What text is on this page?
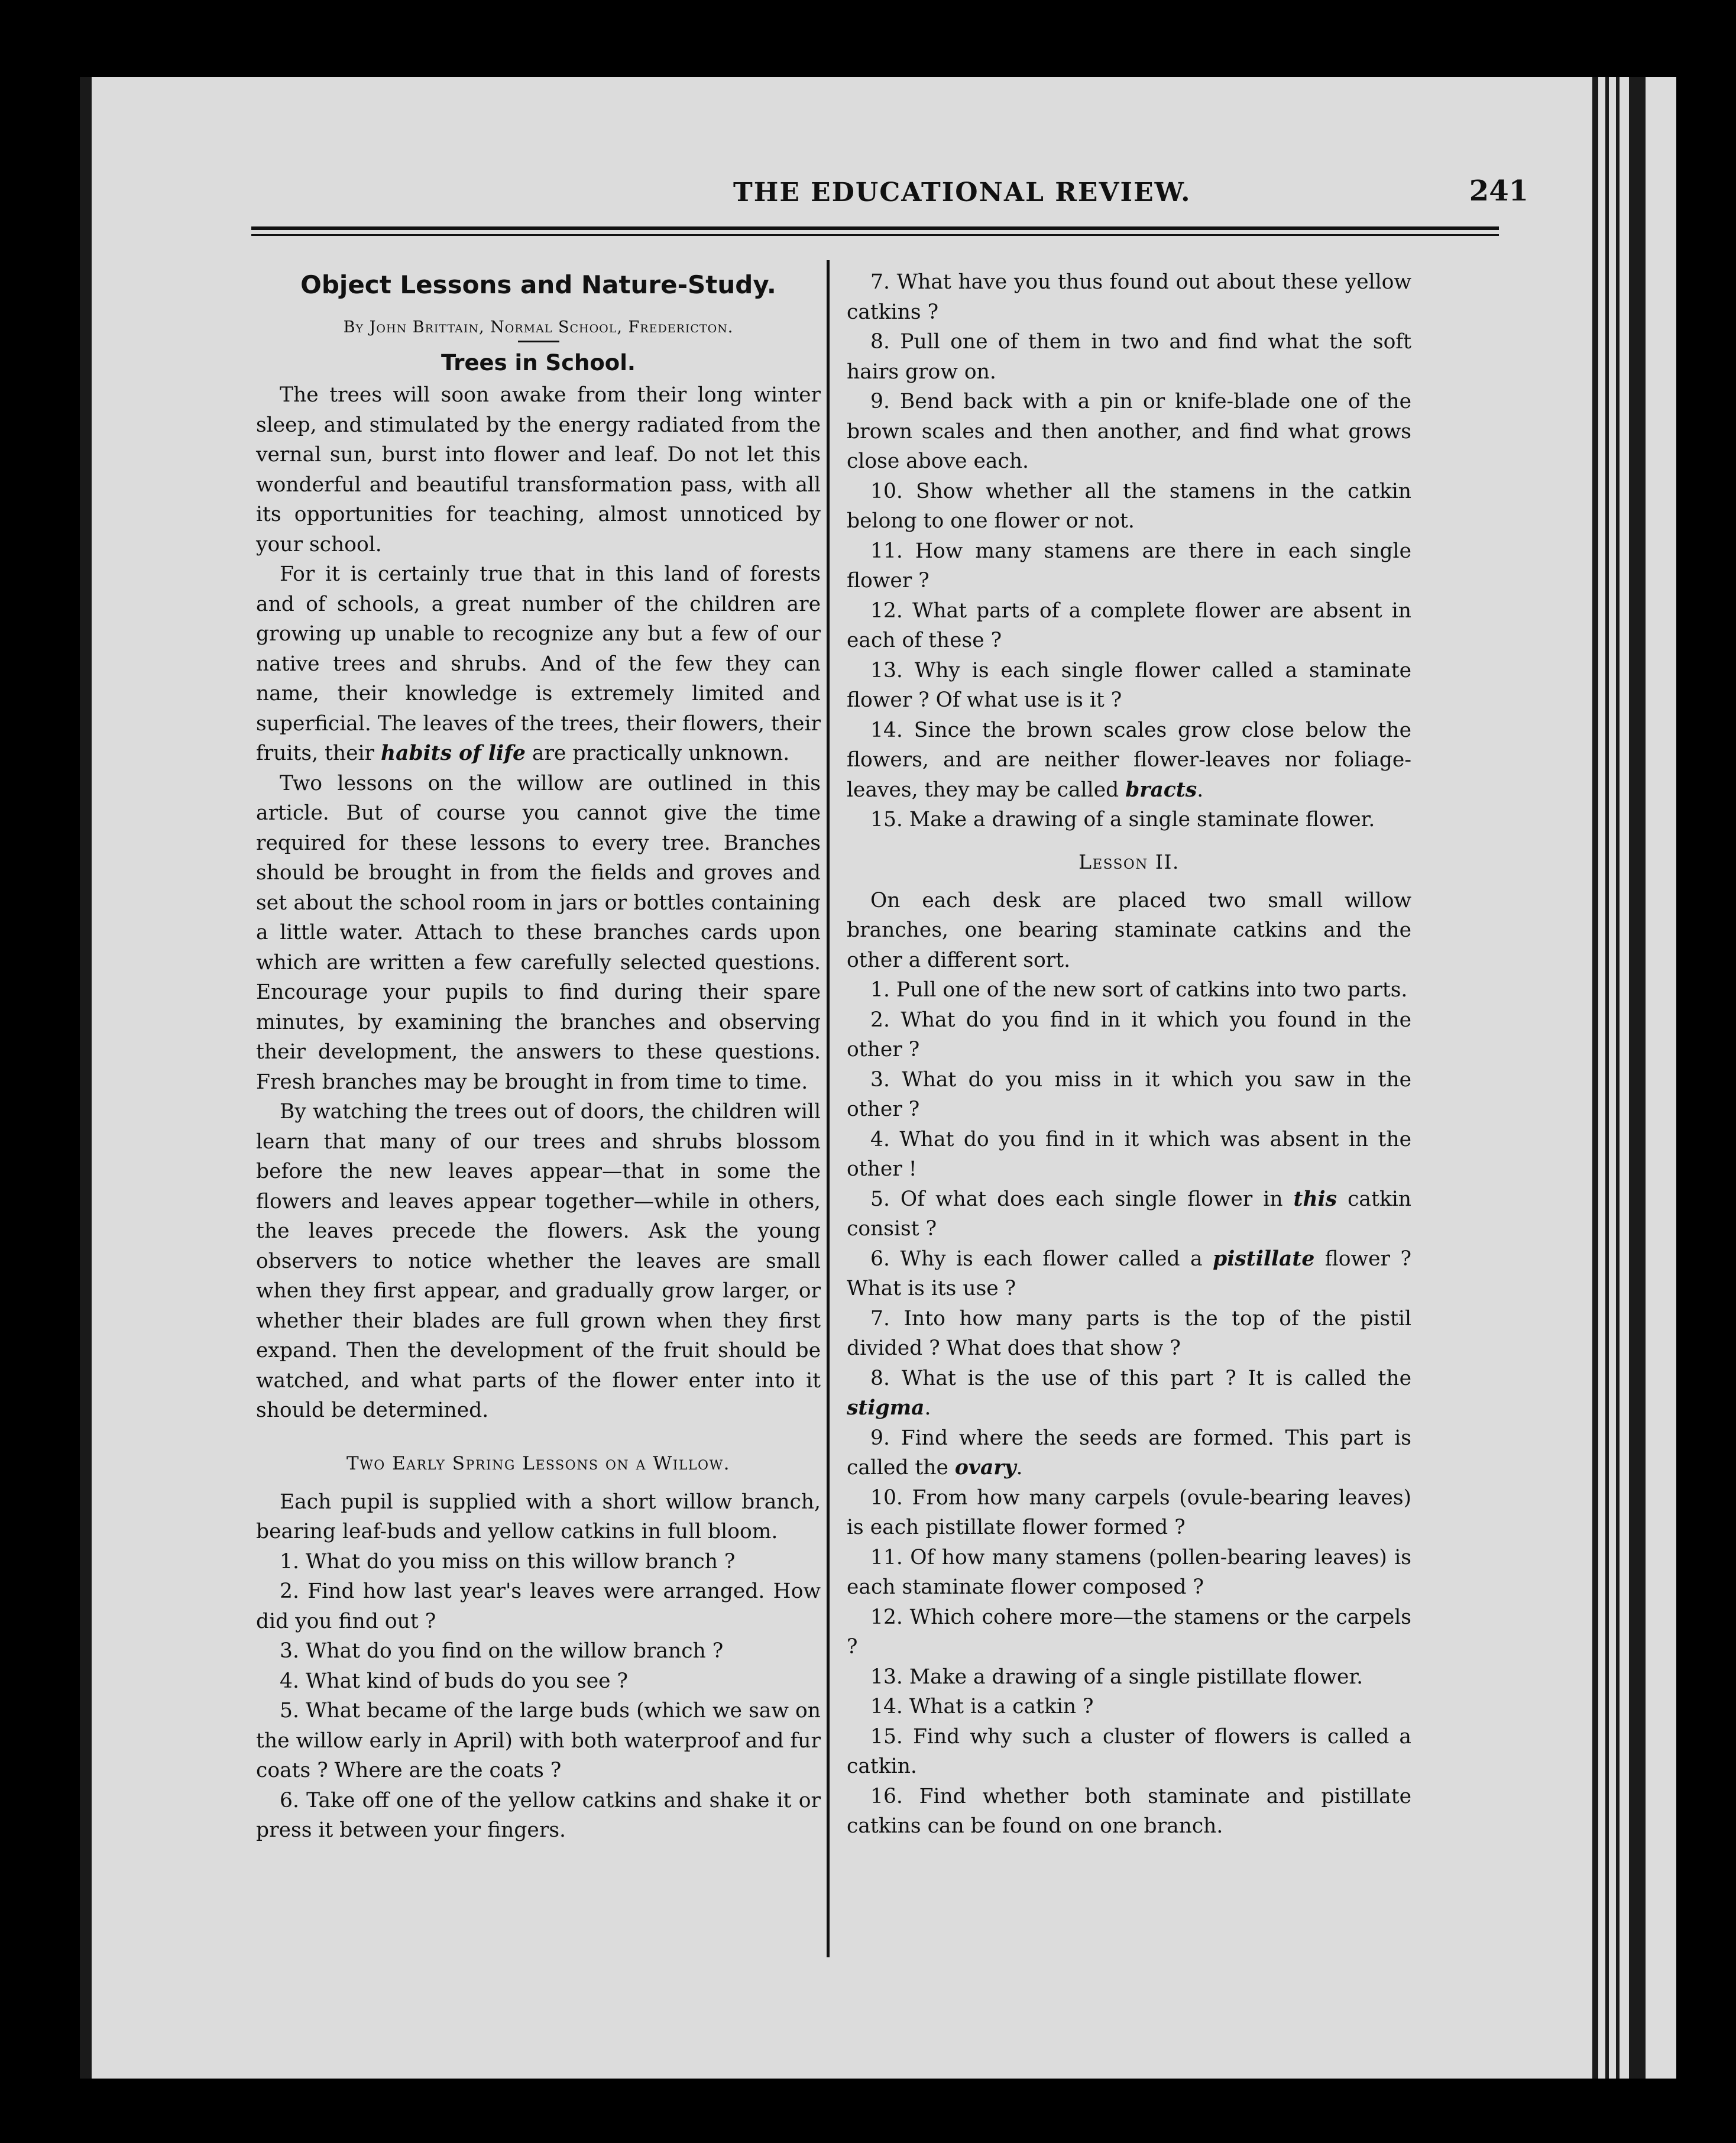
THE EDUCATIONAL REVIEW.	241
Object Lessons and Nature-Study.
By John Brittain, Normal School, Fredericton.
Trees in School.

The trees will soon awake from their long winter sleep, and stimulated by the energy radiated from the vernal sun, burst into flower and leaf. Do not let this wonderful and beautiful transformation pass, with all its opportunities for teaching, almost unnoticed by your school.

For it is certainly true that in this land of forests and of schools, a great number of the children are growing up unable to recognize any but a few of our native trees and shrubs. And of the few they can name, their knowledge is extremely limited and superficial. The leaves of the trees, their flowers, their fruits, their habits of life are practically unknown.

Two lessons on the willow are outlined in this article. But of course you cannot give the time required for these lessons to every tree. Branches should be brought in from the fields and groves and set about the school room in jars or bottles containing a little water. Attach to these branches cards upon which are written a few carefully selected questions. Encourage your pupils to find during their spare minutes, by examining the branches and observing their development, the answers to these questions. Fresh branches may be brought in from time to time.

By watching the trees out of doors, the children will learn that many of our trees and shrubs blossom before the new leaves appear—that in some the flowers and leaves appear together—while in others, the leaves precede the flowers. Ask the young observers to notice whether the leaves are small when they first appear, and gradually grow larger, or whether their blades are full grown when they first expand. Then the development of the fruit should be watched, and what parts of the flower enter into it should be determined.

Two Early Spring Lessons on a Willow.

Each pupil is supplied with a short willow branch, bearing leaf-buds and yellow catkins in full bloom.

1. What do you miss on this willow branch ?

2. Find how last year's leaves were arranged. How did you find out ?

3. What do you find on the willow branch ?

4. What kind of buds do you see ?

5. What became of the large buds (which we saw on the willow early in April) with both waterproof and fur coats ? Where are the coats ?

6. Take off one of the yellow catkins and shake it or press it between your fingers.

7. What have you thus found out about these yellow catkins ?

8. Pull one of them in two and find what the soft hairs grow on.

9. Bend back with a pin or knife-blade one of the brown scales and then another, and find what grows close above each.

10. Show whether all the stamens in the catkin belong to one flower or not.

11. How many stamens are there in each single flower ?

12. What parts of a complete flower are absent in each of these ?

13. Why is each single flower called a staminate flower ? Of what use is it ?

14. Since the brown scales grow close below the flowers, and are neither flower-leaves nor foliage-leaves, they may be called bracts.

15. Make a drawing of a single staminate flower.

Lesson II.

On each desk are placed two small willow branches, one bearing staminate catkins and the other a different sort.

1. Pull one of the new sort of catkins into two parts.

2. What do you find in it which you found in the other ?

3. What do you miss in it which you saw in the other ?

4. What do you find in it which was absent in the other !

5. Of what does each single flower in this catkin consist ?

6. Why is each flower called a pistillate flower ? What is its use ?

7. Into how many parts is the top of the pistil divided ? What does that show ?

8. What is the use of this part ? It is called the stigma.

9. Find where the seeds are formed. This part is called the ovary.

10. From how many carpels (ovule-bearing leaves) is each pistillate flower formed ?

11. Of how many stamens (pollen-bearing leaves) is each staminate flower composed ?

12. Which cohere more—the stamens or the carpels ?

13. Make a drawing of a single pistillate flower.

14. What is a catkin ?

15. Find why such a cluster of flowers is called a catkin.

16. Find whether both staminate and pistillate catkins can be found on one branch.
